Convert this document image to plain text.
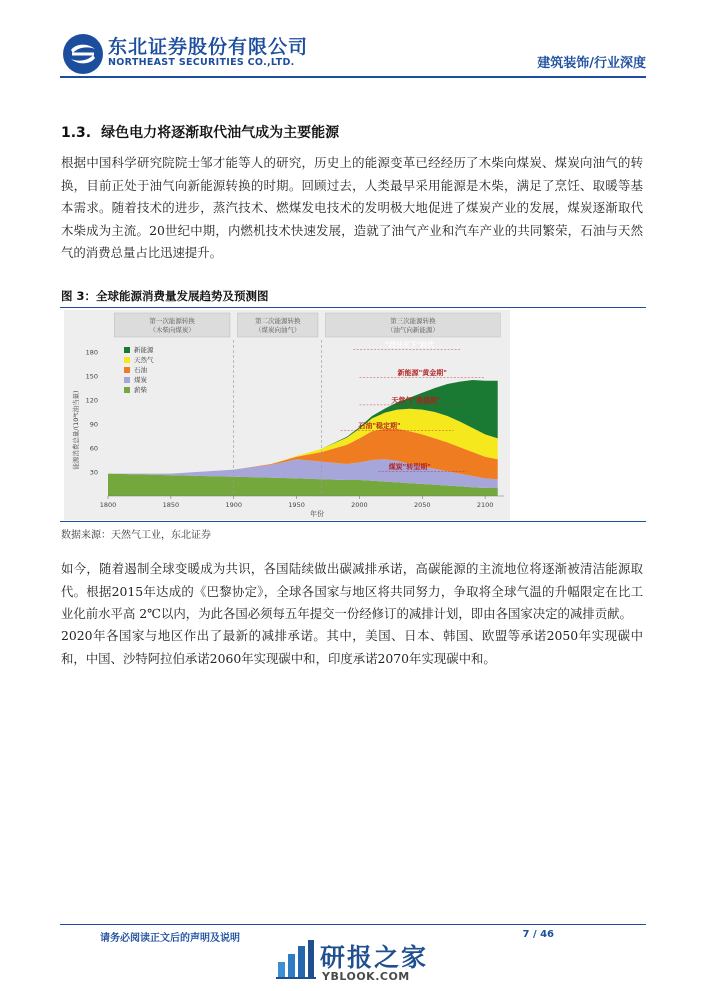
东北证券股份有限公司
NORTHEAST SECURITIES CO.,LTD.	建筑装饰/行业深度
1.3. 绿色电力将逐渐取代油气成为主要能源
根据中国科学研究院院士邹才能等人的研究，历史上的能源变革已经经历了木柴向煤炭、煤炭向油气的转换，目前正处于油气向新能源转换的时期。回顾过去，人类最早采用能源是木柴，满足了烹饪、取暖等基本需求。随着技术的进步，蒸汽技术、燃煤发电技术的发明极大地促进了煤炭产业的发展，煤炭逐渐取代木柴成为主流。20世纪中期，内燃机技术快速发展，造就了油气产业和汽车产业的共同繁荣，石油与天然气的消费总量占比迅速提升。
图 3：全球能源消费量发展趋势及预测图
第一次能源转换
（木柴向煤炭）
第二次能源转换
（煤炭向油气）
第三次能源转换
（油气向新能源）
30
60
90
120
150
180
1800	1850	1900	1950	2000	2050	2100
新能源
天然气
石油
煤炭
薪柴
"四分天下"时代
新能源"黄金期"
天然气"鼎盛期"
石油"稳定期"
煤炭"转型期"
能源消费总量/(10⁸t油当量)
年份
数据来源：天然气工业，东北证券
如今，随着遏制全球变暖成为共识，各国陆续做出碳减排承诺，高碳能源的主流地位将逐渐被清洁能源取代。根据2015年达成的《巴黎协定》，全球各国家与地区将共同努力，争取将全球气温的升幅限定在比工业化前水平高 2℃以内，为此各国必须每五年提交一份经修订的减排计划，即由各国家决定的减排贡献。
2020年各国家与地区作出了最新的减排承诺。其中，美国、日本、韩国、欧盟等承诺2050年实现碳中和，中国、沙特阿拉伯承诺2060年实现碳中和，印度承诺2070年实现碳中和。
请务必阅读正文后的声明及说明	7 / 46
研报之家
YBLOOK.COM
